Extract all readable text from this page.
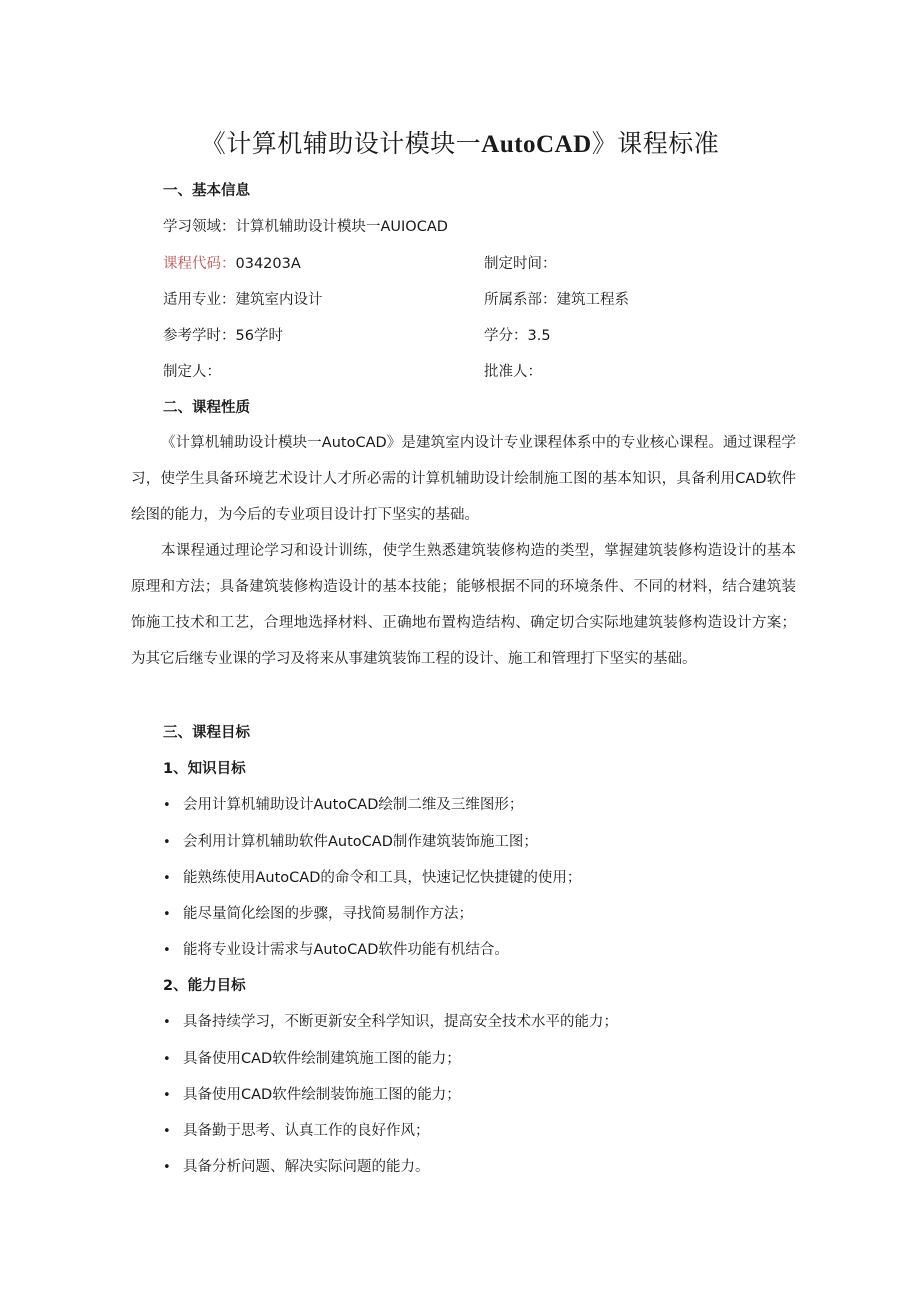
《计算机辅助设计模块一AutoCAD》课程标准
一、基本信息
学习领域：计算机辅助设计模块一AUIOCAD
课程代码：034203A	制定时间：
适用专业：建筑室内设计	所属系部：建筑工程系
参考学时：56学时	学分：3.5
制定人：	批准人：
二、课程性质

《计算机辅助设计模块一AutoCAD》是建筑室内设计专业课程体系中的专业核心课程。通过课程学习，使学生具备环境艺术设计人才所必需的计算机辅助设计绘制施工图的基本知识，具备利用CAD软件绘图的能力，为今后的专业项目设计打下坚实的基础。

本课程通过理论学习和设计训练，使学生熟悉建筑装修构造的类型，掌握建筑装修构造设计的基本原理和方法；具备建筑装修构造设计的基本技能；能够根据不同的环境条件、不同的材料，结合建筑装饰施工技术和工艺，合理地选择材料、正确地布置构造结构、确定切合实际地建筑装修构造设计方案；为其它后继专业课的学习及将来从事建筑装饰工程的设计、施工和管理打下坚实的基础。

三、课程目标
1、知识目标
• 会用计算机辅助设计AutoCAD绘制二维及三维图形；
• 会利用计算机辅助软件AutoCAD制作建筑装饰施工图；
• 能熟练使用AutoCAD的命令和工具，快速记忆快捷键的使用；
• 能尽量简化绘图的步骤，寻找简易制作方法；
• 能将专业设计需求与AutoCAD软件功能有机结合。
2、能力目标
• 具备持续学习，不断更新安全科学知识，提高安全技术水平的能力；
• 具备使用CAD软件绘制建筑施工图的能力；
• 具备使用CAD软件绘制装饰施工图的能力；
• 具备勤于思考、认真工作的良好作风；
• 具备分析问题、解决实际问题的能力。
